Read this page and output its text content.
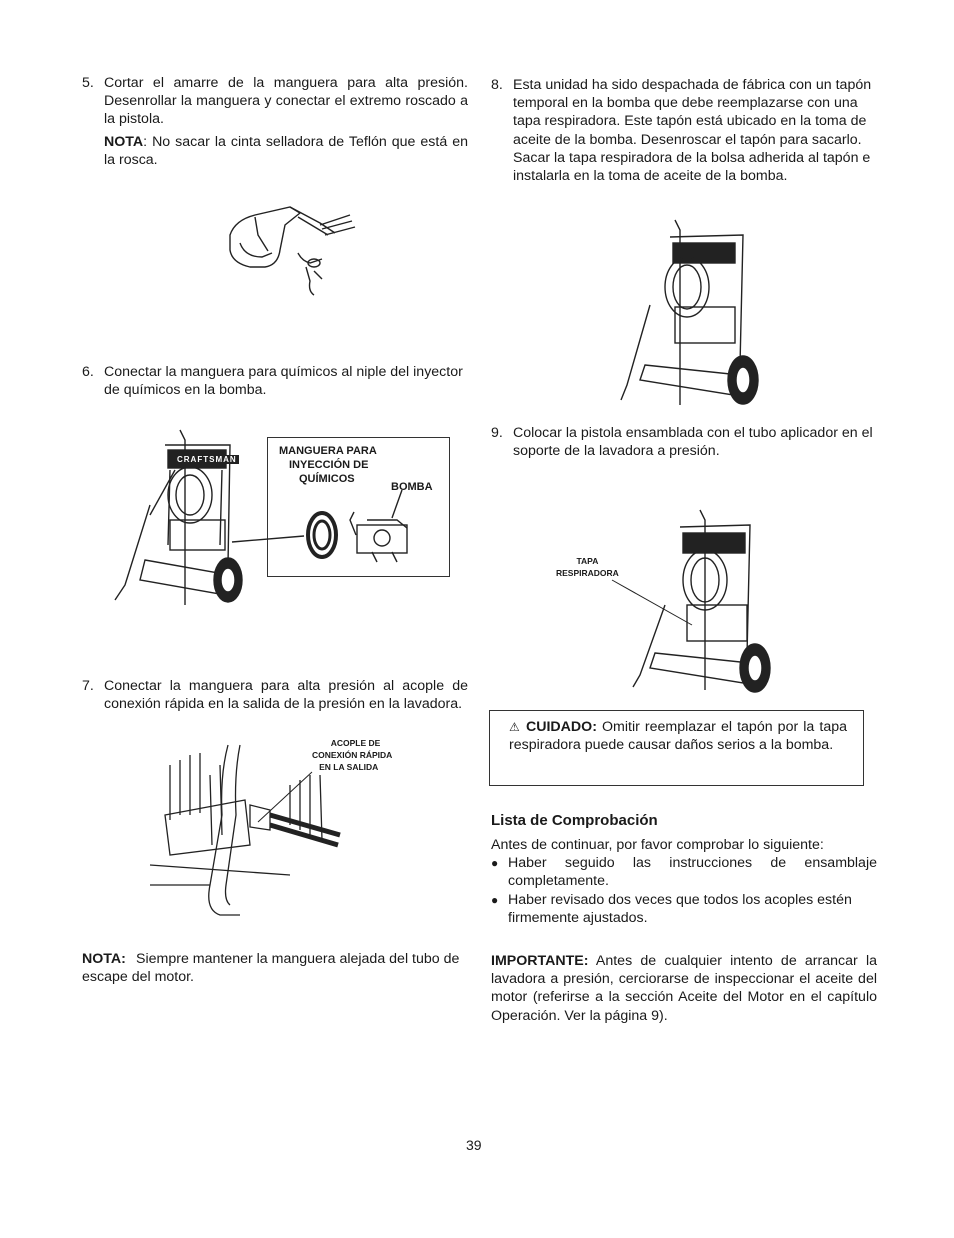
5. Cortar el amarre de la manguera para alta presión. Desenrollar la manguera y conectar el extremo roscado a la pistola.
NOTA: No sacar la cinta selladora de Teflón que está en la rosca.
6. Conectar la manguera para químicos al niple del inyector de químicos en la bomba.
7. Conectar la manguera para alta presión al acople de conexión rápida en la salida de la presión en la lavadora.
NOTA: Siempre mantener la manguera alejada del tubo de escape del motor.
CRAFTSMAN
MANGUERA PARA
INYECCIÓN DE
QUÍMICOS
BOMBA
ACOPLE DE
CONEXIÓN RÁPIDA
EN LA SALIDA
8. Esta unidad ha sido despachada de fábrica con un tapón temporal en la bomba que debe reemplazarse con una tapa respiradora. Este tapón está ubicado en la toma de aceite de la bomba. Desenroscar el tapón para sacarlo. Sacar la tapa respiradora de la bolsa adherida al tapón e instalarla en la toma de aceite de la bomba.
9. Colocar la pistola ensamblada con el tubo aplicador en el soporte de la lavadora a presión.
TAPA
RESPIRADORA
⚠ CUIDADO: Omitir reemplazar el tapón por la tapa respiradora puede causar daños serios a la bomba.
Lista de Comprobación
Antes de continuar, por favor comprobar lo siguiente:
● Haber seguido las instrucciones de ensamblaje completamente.
● Haber revisado dos veces que todos los acoples estén firmemente ajustados.
IMPORTANTE: Antes de cualquier intento de arrancar la lavadora a presión, cerciorarse de inspeccionar el aceite del motor (referirse a la sección Aceite del Motor en el capítulo Operación. Ver la página 9).
39
